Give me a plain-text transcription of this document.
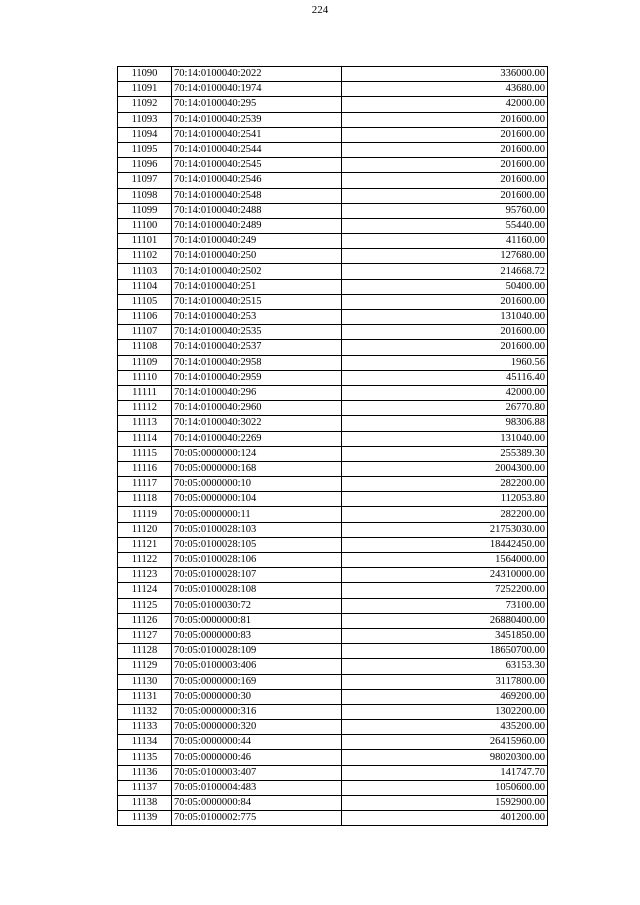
224
11090	70:14:0100040:2022	336000.00
11091	70:14:0100040:1974	43680.00
11092	70:14:0100040:295	42000.00
11093	70:14:0100040:2539	201600.00
11094	70:14:0100040:2541	201600.00
11095	70:14:0100040:2544	201600.00
11096	70:14:0100040:2545	201600.00
11097	70:14:0100040:2546	201600.00
11098	70:14:0100040:2548	201600.00
11099	70:14:0100040:2488	95760.00
11100	70:14:0100040:2489	55440.00
11101	70:14:0100040:249	41160.00
11102	70:14:0100040:250	127680.00
11103	70:14:0100040:2502	214668.72
11104	70:14:0100040:251	50400.00
11105	70:14:0100040:2515	201600.00
11106	70:14:0100040:253	131040.00
11107	70:14:0100040:2535	201600.00
11108	70:14:0100040:2537	201600.00
11109	70:14:0100040:2958	1960.56
11110	70:14:0100040:2959	45116.40
11111	70:14:0100040:296	42000.00
11112	70:14:0100040:2960	26770.80
11113	70:14:0100040:3022	98306.88
11114	70:14:0100040:2269	131040.00
11115	70:05:0000000:124	255389.30
11116	70:05:0000000:168	2004300.00
11117	70:05:0000000:10	282200.00
11118	70:05:0000000:104	112053.80
11119	70:05:0000000:11	282200.00
11120	70:05:0100028:103	21753030.00
11121	70:05:0100028:105	18442450.00
11122	70:05:0100028:106	1564000.00
11123	70:05:0100028:107	24310000.00
11124	70:05:0100028:108	7252200.00
11125	70:05:0100030:72	73100.00
11126	70:05:0000000:81	26880400.00
11127	70:05:0000000:83	3451850.00
11128	70:05:0100028:109	18650700.00
11129	70:05:0100003:406	63153.30
11130	70:05:0000000:169	3117800.00
11131	70:05:0000000:30	469200.00
11132	70:05:0000000:316	1302200.00
11133	70:05:0000000:320	435200.00
11134	70:05:0000000:44	26415960.00
11135	70:05:0000000:46	98020300.00
11136	70:05:0100003:407	141747.70
11137	70:05:0100004:483	1050600.00
11138	70:05:0000000:84	1592900.00
11139	70:05:0100002:775	401200.00
